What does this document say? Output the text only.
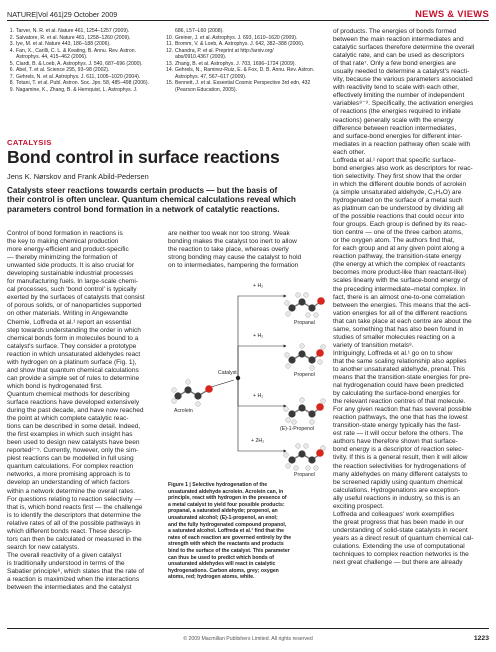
NATURE|Vol 461|29 October 2009	NEWS & VIEWS
1. Tarver, N. R. et al. Nature 461, 1254–1257 (2009).
2. Salvatore, R. et al. Nature 461, 1258–1260 (2009).
3. Iye, M. et al. Nature 443, 186–188 (2006).
4. Fan, X., Carilli, C. L. & Keating, B. Annu. Rev. Astron.
Astrophys. 44, 415–462 (2006).
5. Ciardi, B. & Loeb, A. Astrophys. J. 540, 687–696 (2000).
6. Abel, T. et al. Science 295, 93–98 (2002).
7. Gehrels, N. et al. Astrophys. J. 611, 1005–1020 (2004).
8. Totani, T. et al. Publ. Astron. Soc. Jpn. 58, 485–498 (2006).
9. Nagamine, K., Zhang, B. & Hernquist, L. Astrophys. J.
686, L57–L60 (2008).
10. Greiner, J. et al. Astrophys. J. 693, 1610–1620 (2009).
11. Bromm, V. & Loeb, A. Astrophys. J. 642, 382–388 (2006).
12. Chandra, P. et al. Preprint at http://arxiv.org/
abs/0910.4367 (2009).
13. Zhang, B. et al. Astrophys. J. 703, 1696–1724 (2009).
14. Gehrels, N., Ramirez-Ruiz, E. & Fox, D. B. Annu. Rev. Astron.
Astrophys. 47, 567–617 (2009).
15. Bennett, J. et al. Essential Cosmic Perspective 3rd edn, 432
(Pearson Education, 2005).
CATALYSIS
Bond control in surface reactions
Jens K. Nørskov and Frank Abild-Pedersen
Catalysts steer reactions towards certain products — but the basis of
their control is often unclear. Quantum chemical calculations reveal which
parameters control bond formation in a network of catalytic reactions.
Control of bond formation in reactions is
the key to making chemical production
more energy-efficient and product-specific
— thereby minimizing the formation of
unwanted side products. It is also crucial for
developing sustainable industrial processes
for manufacturing fuels. In large-scale chemi-
cal processes, such 'bond control' is typically
exerted by the surfaces of catalysts that consist
of porous solids, or of nanoparticles supported
on other materials. Writing in Angewandte
Chemie, Loffreda et al.¹ report an essential
step towards understanding the order in which
chemical bonds form in molecules bound to a
catalyst's surface. They consider a prototype
reaction in which unsaturated aldehydes react
with hydrogen on a platinum surface (Fig. 1),
and show that quantum chemical calculations
can provide a simple set of rules to determine
which bond is hydrogenated first.
Quantum chemical methods for describing
surface reactions have developed extensively
during the past decade, and have now reached
the point at which complete catalytic reac-
tions can be described in some detail. Indeed,
the first examples in which such insight has
been used to design new catalysts have been
reported²⁻⁵. Currently, however, only the sim-
plest reactions can be modelled in full using
quantum calculations. For complex reaction
networks, a more promising approach is to
develop an understanding of which factors
within a network determine the overall rates.
For questions relating to reaction selectivity —
that is, which bond reacts first — the challenge
is to identify the descriptors that determine the
relative rates of all of the possible pathways in
which different bonds react. These descrip-
tors can then be calculated or measured in the
search for new catalysts.
The overall reactivity of a given catalyst
is traditionally understood in terms of the
Sabatier principle⁶, which states that the rate of
a reaction is maximized when the interactions
between the intermediates and the catalyst
are neither too weak nor too strong. Weak
bonding makes the catalyst too inert to allow
the reaction to take place, whereas overly
strong bonding may cause the catalyst to hold
on to intermediates, hampering the formation
of products. The energies of bonds formed
between the main reaction intermediates and
catalytic surfaces therefore determine the overall
catalytic rate, and can be used as descriptors
of that rate⁷. Only a few bond energies are
usually needed to determine a catalyst's reacti-
vity, because the various parameters associated
with reactivity tend to scale with each other,
effectively limiting the number of independent
variables⁸⁻⁹. Specifically, the activation energies
of reactions (the energies required to initiate
reactions) generally scale with the energy
difference between reaction intermediates,
and surface-bond energies for different inter-
mediates in a reaction pathway often scale with
each other.
Loffreda et al.¹ report that specific surface-
bond energies also work as descriptors for reac-
tion selectivity. They first show that the order
in which the different double bonds of acrolein
(a simple unsaturated aldehyde, C₃H₄O) are
hydrogenated on the surface of a metal such
as platinum can be understood by dividing all
of the possible reactions that could occur into
four groups. Each group is defined by its reac-
tion centre — one of the three carbon atoms,
or the oxygen atom. The authors find that,
for each group and at any given point along a
reaction pathway, the transition-state energy
(the energy at which the complex of reactants
becomes more product-like than reactant-like)
scales linearly with the surface-bond energy of
the preceding intermediate–metal complex. In
fact, there is an almost one-to-one correlation
between the energies. This means that the acti-
vation energies for all of the different reactions
that can take place at each centre are about the
same, something that has also been found in
studies of smaller molecules reacting on a
variety of transition metals⁸.
Intriguingly, Loffreda et al.¹ go on to show
that the same scaling relationship also applies
to another unsaturated aldehyde, prenal. This
means that the transition-state energies for pre-
nal hydrogenation could have been predicted
by calculating the surface-bond energies for
the relevant reaction centres of that molecule.
For any given reaction that has several possible
reaction pathways, the one that has the lowest
transition-state energy typically has the fast-
est rate — it will occur before the others. The
authors have therefore shown that surface-
bond energy is a descriptor of reaction selec-
tivity. If this is a general result, then it will allow
the reaction selectivities for hydrogenations of
many aldehydes on many different catalysts to
be screened rapidly using quantum chemical
calculations. Hydrogenations are exception-
ally useful reactions in industry, so this is an
exciting prospect.
Loffreda and colleagues' work exemplifies
the great progress that has been made in our
understanding of solid-state catalysts in recent
years as a direct result of quantum chemical cal-
culations. Extending the use of computational
techniques to complex reaction networks is the
next great challenge — but there are already
+ H₂
+ H₂
+ H₂
+ 2H₂
Catalyst
Acrolein
Propanal
Propenol
(E)-1-Propenol
Propanol
Figure 1 | Selective hydrogenation of the
unsaturated aldehyde acrolein. Acrolein can, in
principle, react with hydrogen in the presence of
a metal catalyst to yield four possible products:
propanal, a saturated aldehyde; propenol, an
unsaturated alcohol; (E)-1-propenol, an enol;
and the fully hydrogenated compound propanol,
a saturated alcohol. Loffreda et al.¹ find that the
rates of each reaction are governed entirely by the
strength with which the reactants and products
bind to the surface of the catalyst. This parameter
can thus be used to predict which bonds of
unsaturated aldehydes will react in catalytic
hydrogenations. Carbon atoms, grey; oxygen
atoms, red; hydrogen atoms, white.
© 2009 Macmillan Publishers Limited. All rights reserved	1223
